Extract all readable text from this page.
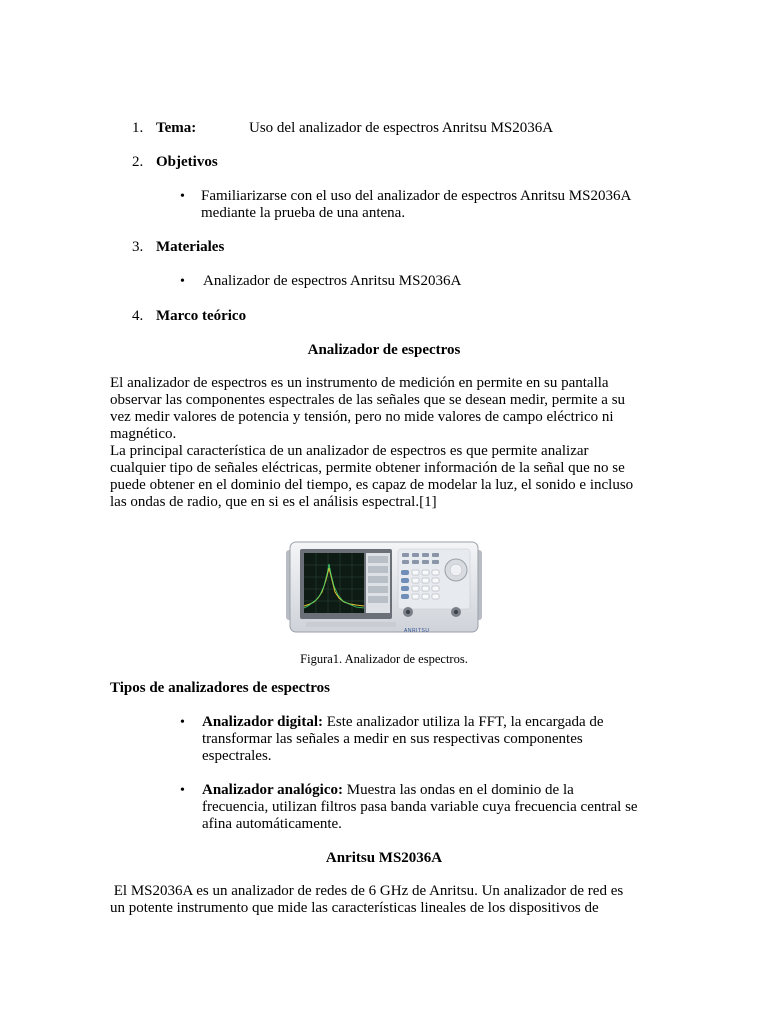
1. Tema:	Uso del analizador de espectros Anritsu MS2036A
2. Objetivos
• Familiarizarse con el uso del analizador de espectros Anritsu MS2036A
mediante la prueba de una antena.
3. Materiales
• Analizador de espectros Anritsu MS2036A
4. Marco teórico
Analizador de espectros
El analizador de espectros es un instrumento de medición en permite en su pantalla
observar las componentes espectrales de las señales que se desean medir, permite a su
vez medir valores de potencia y tensión, pero no mide valores de campo eléctrico ni
magnético.
La principal característica de un analizador de espectros es que permite analizar
cualquier tipo de señales eléctricas, permite obtener información de la señal que no se
puede obtener en el dominio del tiempo, es capaz de modelar la luz, el sonido e incluso
las ondas de radio, que en si es el análisis espectral.[1]
ANRITSU
Figura1. Analizador de espectros.
Tipos de analizadores de espectros
• Analizador digital: Este analizador utiliza la FFT, la encargada de
transformar las señales a medir en sus respectivas componentes
espectrales.
• Analizador analógico: Muestra las ondas en el dominio de la
frecuencia, utilizan filtros pasa banda variable cuya frecuencia central se
afina automáticamente.
Anritsu MS2036A
El MS2036A es un analizador de redes de 6 GHz de Anritsu. Un analizador de red es
un potente instrumento que mide las características lineales de los dispositivos de
